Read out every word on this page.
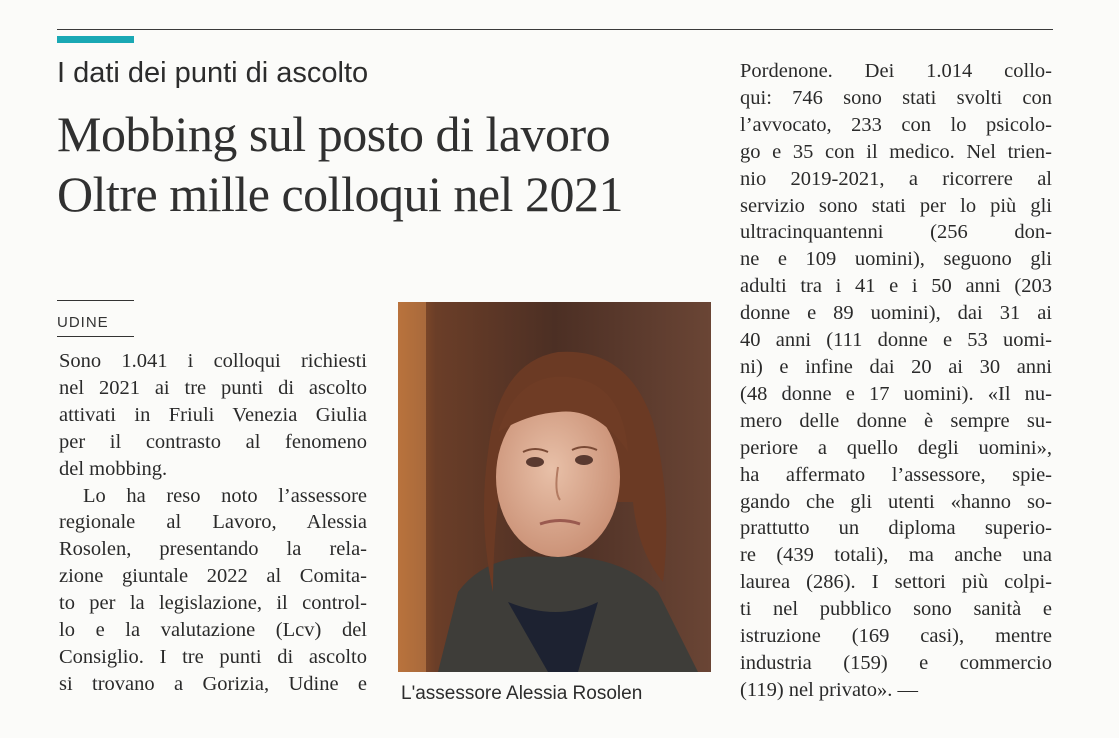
I dati dei punti di ascolto
Mobbing sul posto di lavoro
Oltre mille colloqui nel 2021
UDINE
Sono 1.041 i colloqui richiesti
nel 2021 ai tre punti di ascolto
attivati in Friuli Venezia Giulia
per il contrasto al fenomeno
del mobbing.
Lo ha reso noto l’assessore
regionale al Lavoro, Alessia
Rosolen, presentando la rela-
zione giuntale 2022 al Comita-
to per la legislazione, il control-
lo e la valutazione (Lcv) del
Consiglio. I tre punti di ascolto
si trovano a Gorizia, Udine e L'assessore Alessia Rosolen
Pordenone. Dei 1.014 collo-
qui: 746 sono stati svolti con
l’avvocato, 233 con lo psicolo-
go e 35 con il medico. Nel trien-
nio 2019-2021, a ricorrere al
servizio sono stati per lo più gli
ultracinquantenni (256 don-
ne e 109 uomini), seguono gli
adulti tra i 41 e i 50 anni (203
donne e 89 uomini), dai 31 ai
40 anni (111 donne e 53 uomi-
ni) e infine dai 20 ai 30 anni
(48 donne e 17 uomini). «Il nu-
mero delle donne è sempre su-
periore a quello degli uomini»,
ha affermato l’assessore, spie-
gando che gli utenti «hanno so-
prattutto un diploma superio-
re (439 totali), ma anche una
laurea (286). I settori più colpi-
ti nel pubblico sono sanità e
istruzione (169 casi), mentre
industria (159) e commercio
(119) nel privato». —
